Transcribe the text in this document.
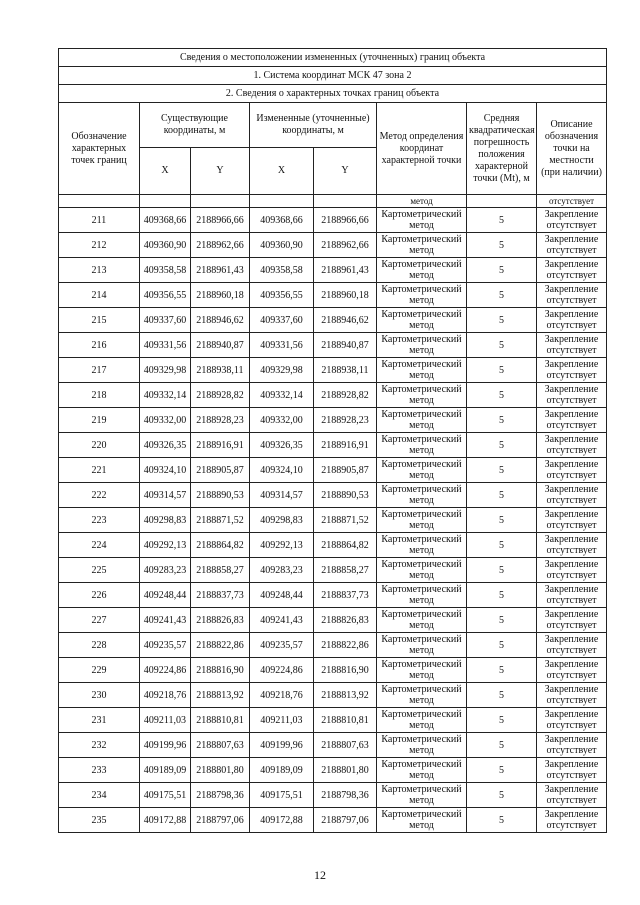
Сведения о местоположении измененных (уточненных) границ объекта							
1. Система координат МСК 47 зона 2							
2. Сведения о характерных точках границ объекта							
Обозначение характерных точек границ	Существующие координаты, м		Измененные (уточненные) координаты, м		Метод определения координат характерной точки	Средняя квадратическая погрешность положения характерной точки (Мt), м	Описание обозначения точки на местности (при наличии)
	X	Y	X	Y			
					метод		отсутствует
211	409368,66	2188966,66	409368,66	2188966,66	Картометрический метод	5	Закрепление отсутствует
212	409360,90	2188962,66	409360,90	2188962,66	Картометрический метод	5	Закрепление отсутствует
213	409358,58	2188961,43	409358,58	2188961,43	Картометрический метод	5	Закрепление отсутствует
214	409356,55	2188960,18	409356,55	2188960,18	Картометрический метод	5	Закрепление отсутствует
215	409337,60	2188946,62	409337,60	2188946,62	Картометрический метод	5	Закрепление отсутствует
216	409331,56	2188940,87	409331,56	2188940,87	Картометрический метод	5	Закрепление отсутствует
217	409329,98	2188938,11	409329,98	2188938,11	Картометрический метод	5	Закрепление отсутствует
218	409332,14	2188928,82	409332,14	2188928,82	Картометрический метод	5	Закрепление отсутствует
219	409332,00	2188928,23	409332,00	2188928,23	Картометрический метод	5	Закрепление отсутствует
220	409326,35	2188916,91	409326,35	2188916,91	Картометрический метод	5	Закрепление отсутствует
221	409324,10	2188905,87	409324,10	2188905,87	Картометрический метод	5	Закрепление отсутствует
222	409314,57	2188890,53	409314,57	2188890,53	Картометрический метод	5	Закрепление отсутствует
223	409298,83	2188871,52	409298,83	2188871,52	Картометрический метод	5	Закрепление отсутствует
224	409292,13	2188864,82	409292,13	2188864,82	Картометрический метод	5	Закрепление отсутствует
225	409283,23	2188858,27	409283,23	2188858,27	Картометрический метод	5	Закрепление отсутствует
226	409248,44	2188837,73	409248,44	2188837,73	Картометрический метод	5	Закрепление отсутствует
227	409241,43	2188826,83	409241,43	2188826,83	Картометрический метод	5	Закрепление отсутствует
228	409235,57	2188822,86	409235,57	2188822,86	Картометрический метод	5	Закрепление отсутствует
229	409224,86	2188816,90	409224,86	2188816,90	Картометрический метод	5	Закрепление отсутствует
230	409218,76	2188813,92	409218,76	2188813,92	Картометрический метод	5	Закрепление отсутствует
231	409211,03	2188810,81	409211,03	2188810,81	Картометрический метод	5	Закрепление отсутствует
232	409199,96	2188807,63	409199,96	2188807,63	Картометрический метод	5	Закрепление отсутствует
233	409189,09	2188801,80	409189,09	2188801,80	Картометрический метод	5	Закрепление отсутствует
234	409175,51	2188798,36	409175,51	2188798,36	Картометрический метод	5	Закрепление отсутствует
235	409172,88	2188797,06	409172,88	2188797,06	Картометрический метод	5	Закрепление отсутствует
12
